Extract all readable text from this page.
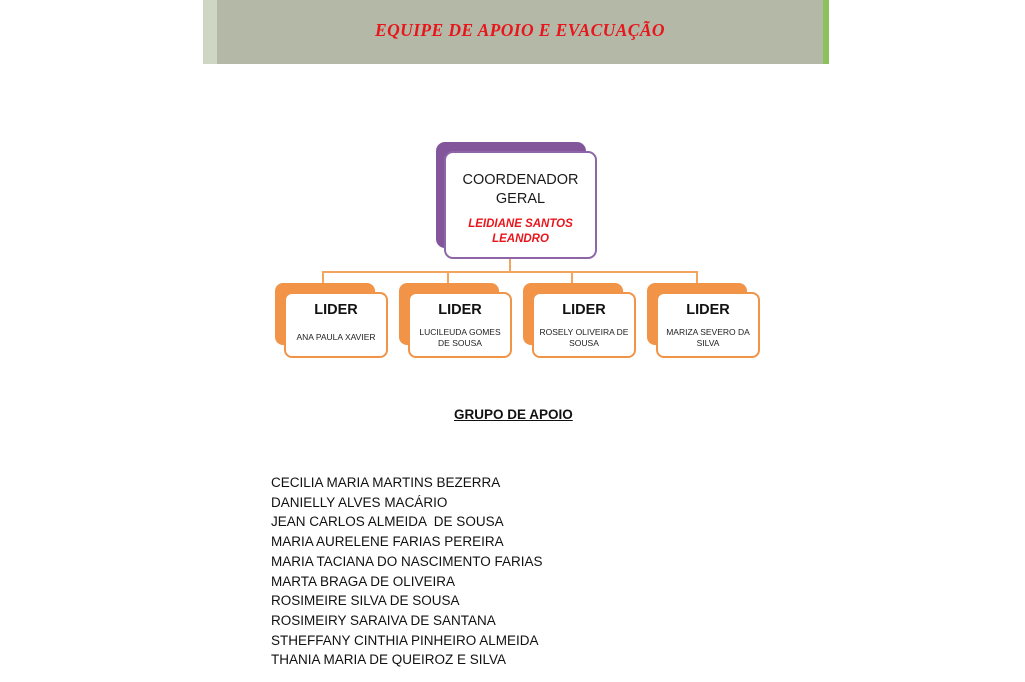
EQUIPE DE APOIO E EVACUAÇÃO
COORDENADOR GERAL
LEIDIANE SANTOS LEANDRO
LIDER
ANA PAULA XAVIER
LIDER
LUCILEUDA GOMES DE SOUSA
LIDER
ROSELY OLIVEIRA DE SOUSA
LIDER
MARIZA SEVERO DA SILVA
GRUPO DE APOIO
CECILIA MARIA MARTINS BEZERRA
DANIELLY ALVES MACÁRIO
JEAN CARLOS ALMEIDA  DE SOUSA
MARIA AURELENE FARIAS PEREIRA
MARIA TACIANA DO NASCIMENTO FARIAS
MARTA BRAGA DE OLIVEIRA
ROSIMEIRE SILVA DE SOUSA
ROSIMEIRY SARAIVA DE SANTANA
STHEFFANY CINTHIA PINHEIRO ALMEIDA
THANIA MARIA DE QUEIROZ E SILVA
